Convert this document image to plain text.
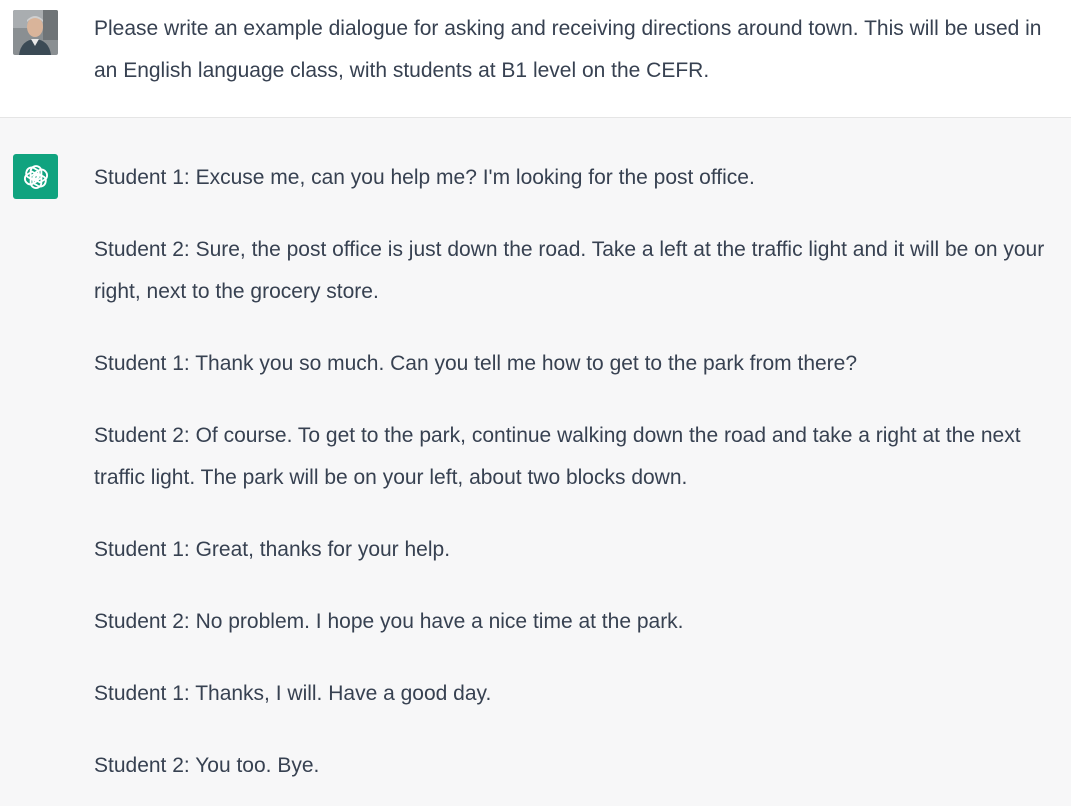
Please write an example dialogue for asking and receiving directions around town. This will be used in an English language class, with students at B1 level on the CEFR.
Student 1: Excuse me, can you help me? I'm looking for the post office.
Student 2: Sure, the post office is just down the road. Take a left at the traffic light and it will be on your right, next to the grocery store.
Student 1: Thank you so much. Can you tell me how to get to the park from there?
Student 2: Of course. To get to the park, continue walking down the road and take a right at the next traffic light. The park will be on your left, about two blocks down.
Student 1: Great, thanks for your help.
Student 2: No problem. I hope you have a nice time at the park.
Student 1: Thanks, I will. Have a good day.
Student 2: You too. Bye.
